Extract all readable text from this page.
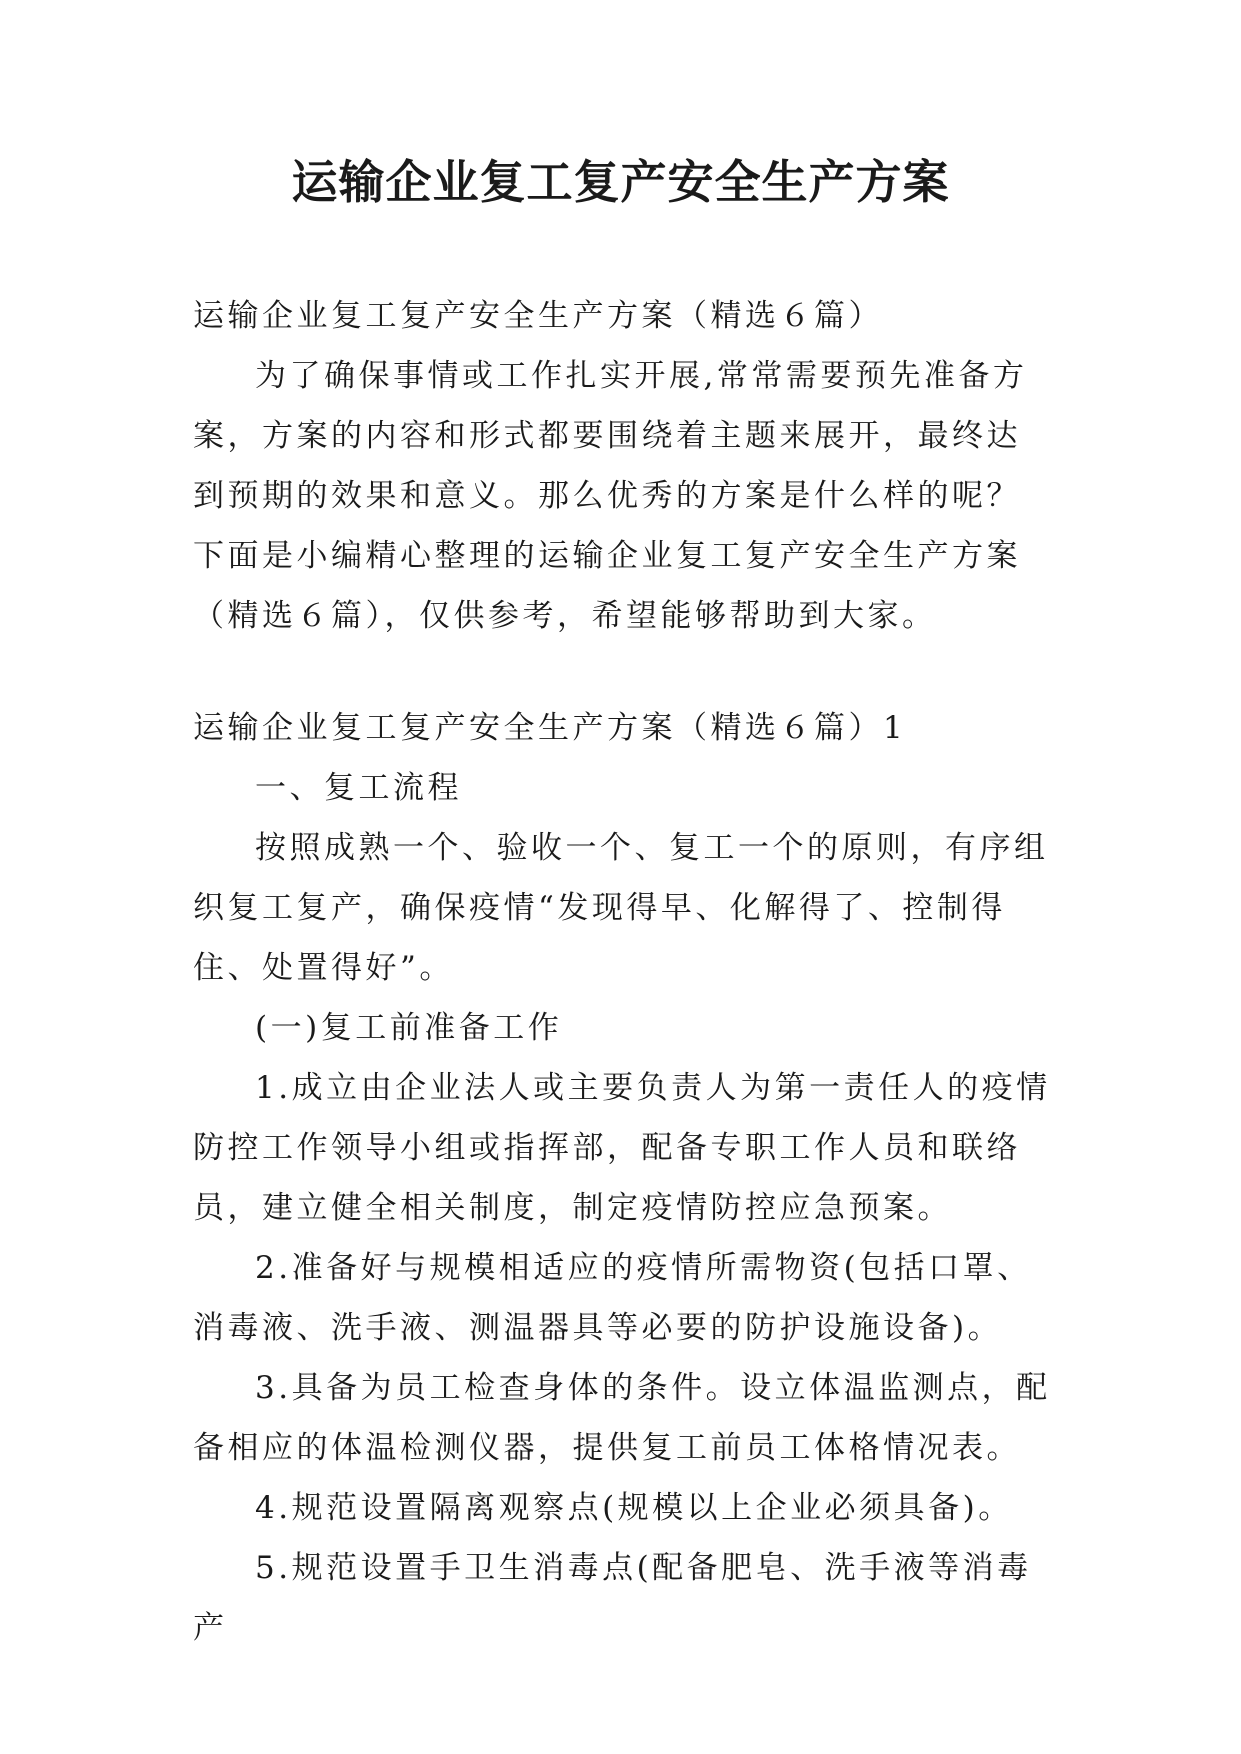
运输企业复工复产安全生产方案

运输企业复工复产安全生产方案（精选６篇）

为了确保事情或工作扎实开展,常常需要预先准备方案，方案的内容和形式都要围绕着主题来展开，最终达到预期的效果和意义。那么优秀的方案是什么样的呢？下面是小编精心整理的运输企业复工复产安全生产方案（精选６篇），仅供参考，希望能够帮助到大家。

运输企业复工复产安全生产方案（精选６篇）1

一、复工流程

按照成熟一个、验收一个、复工一个的原则，有序组织复工复产，确保疫情“发现得早、化解得了、控制得住、处置得好”。

(一)复工前准备工作

1.成立由企业法人或主要负责人为第一责任人的疫情防控工作领导小组或指挥部，配备专职工作人员和联络员，建立健全相关制度，制定疫情防控应急预案。

2.准备好与规模相适应的疫情所需物资(包括口罩、消毒液、洗手液、测温器具等必要的防护设施设备)。

3.具备为员工检查身体的条件。设立体温监测点，配备相应的体温检测仪器，提供复工前员工体格情况表。

4.规范设置隔离观察点(规模以上企业必须具备)。

5.规范设置手卫生消毒点(配备肥皂、洗手液等消毒产
